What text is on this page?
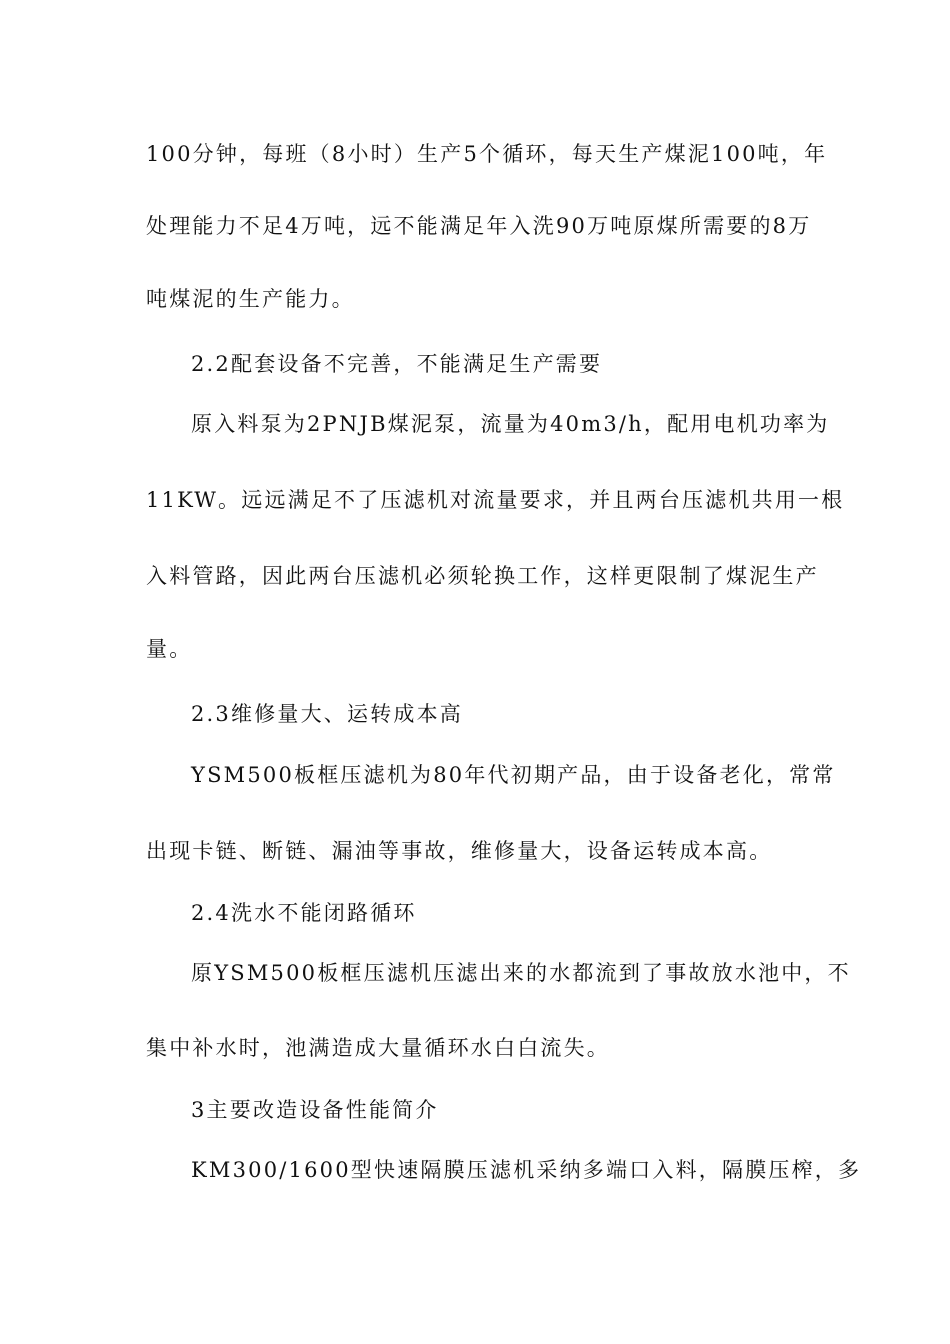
100分钟，每班（8小时）生产5个循环，每天生产煤泥100吨，年
处理能力不足4万吨，远不能满足年入洗90万吨原煤所需要的8万
吨煤泥的生产能力。
2.2配套设备不完善，不能满足生产需要
原入料泵为2PNJB煤泥泵，流量为40m3/h，配用电机功率为
11KW。远远满足不了压滤机对流量要求，并且两台压滤机共用一根
入料管路，因此两台压滤机必须轮换工作，这样更限制了煤泥生产
量。
2.3维修量大、运转成本高
YSM500板框压滤机为80年代初期产品，由于设备老化，常常
出现卡链、断链、漏油等事故，维修量大，设备运转成本高。
2.4洗水不能闭路循环
原YSM500板框压滤机压滤出来的水都流到了事故放水池中，不
集中补水时，池满造成大量循环水白白流失。
3主要改造设备性能简介
KM300/1600型快速隔膜压滤机采纳多端口入料，隔膜压榨，多
